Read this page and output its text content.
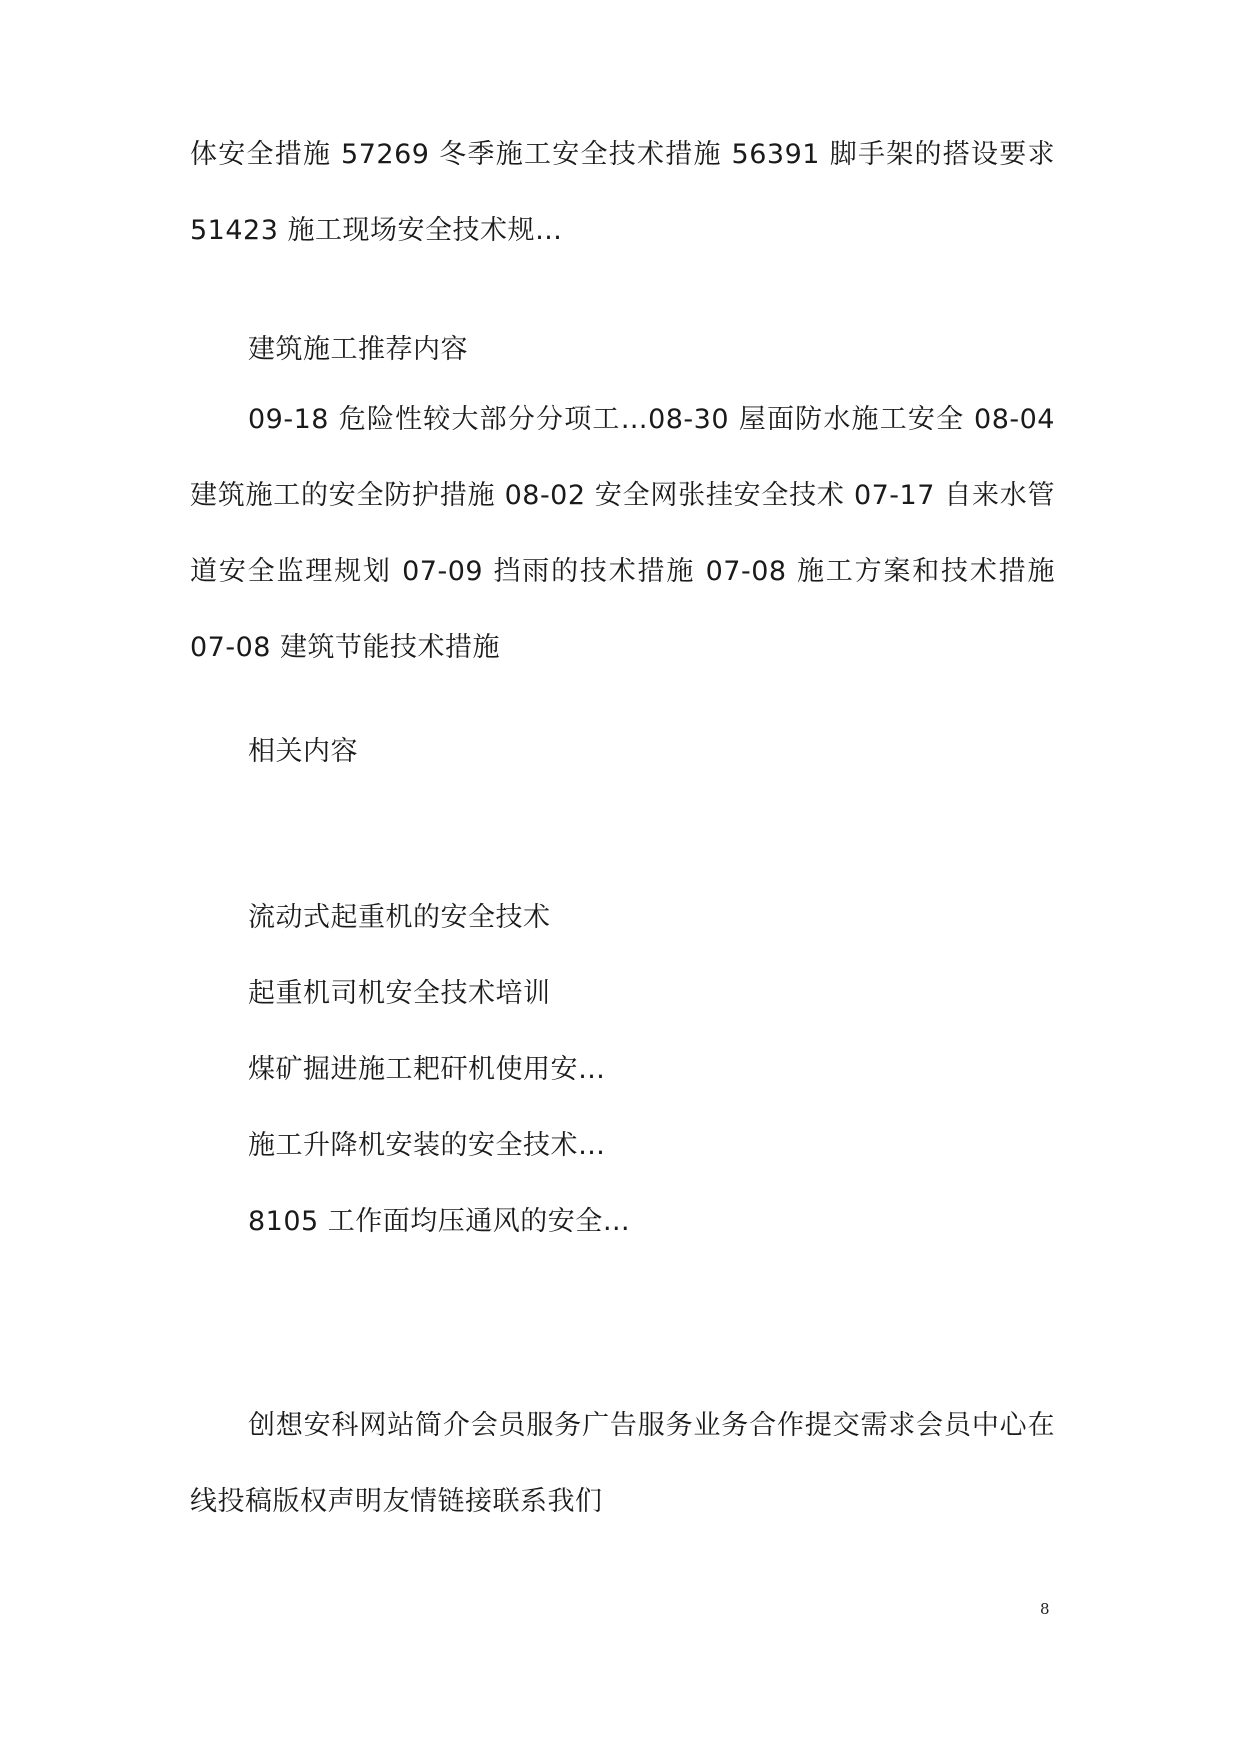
体安全措施 57269 冬季施工安全技术措施 56391 脚手架的搭设要求 51423 施工现场安全技术规…

建筑施工推荐内容

09-18 危险性较大部分分项工…08-30 屋面防水施工安全 08-04 建筑施工的安全防护措施 08-02 安全网张挂安全技术 07-17 自来水管道安全监理规划 07-09 挡雨的技术措施 07-08 施工方案和技术措施 07-08 建筑节能技术措施

相关内容

流动式起重机的安全技术
起重机司机安全技术培训
煤矿掘进施工耙矸机使用安…
施工升降机安装的安全技术…
8105 工作面均压通风的安全…

创想安科网站简介会员服务广告服务业务合作提交需求会员中心在线投稿版权声明友情链接联系我们

8
